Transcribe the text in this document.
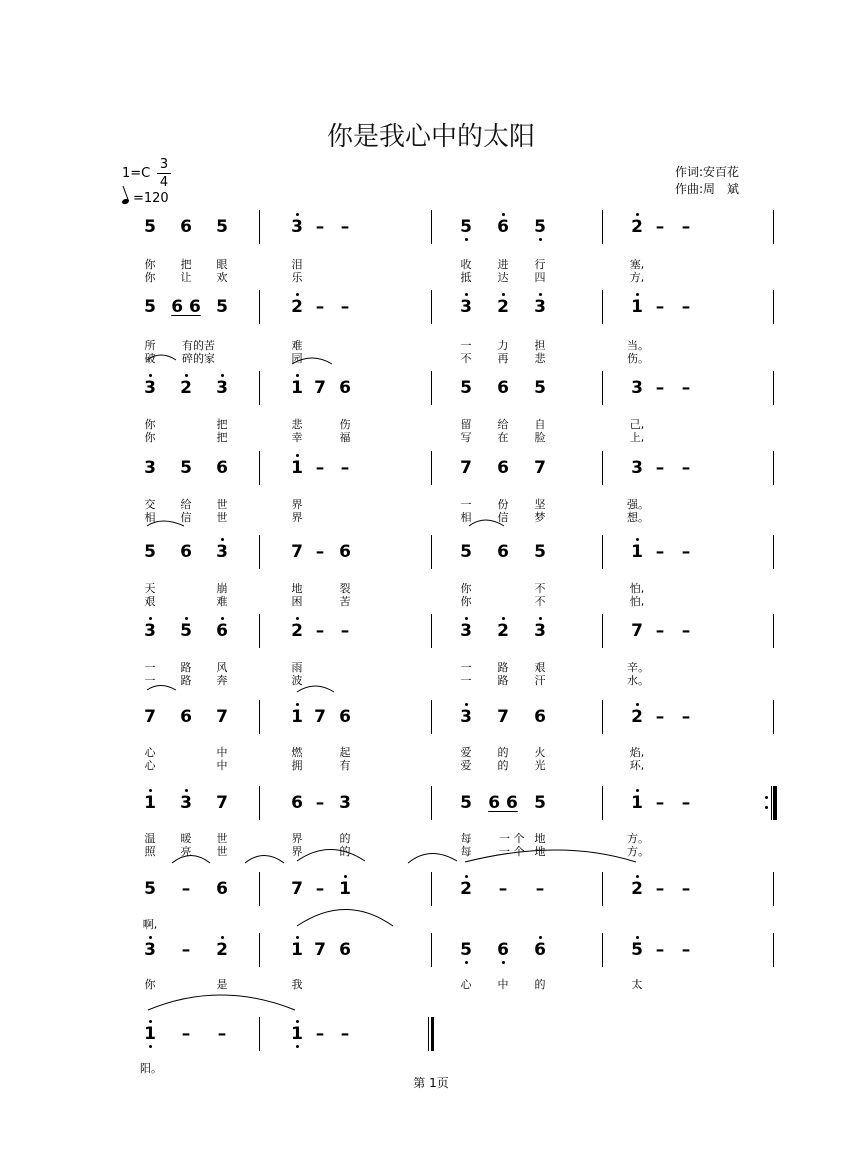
你是我心中的太阳
1=C
3
4
=120
作词:安百花
作曲:周　斌
5 6 5	3 – –	5 6 5	2 –	–
你	把	眼	泪	收	进	行	塞,
你	让	欢	乐	抵	达	四	方,
5 6 6 5	2 – –	3 2 3	1 –	–
所	有的苦	难	一	力	担	当。
破	碎的家	园	不	再	悲	伤。
3 2 3	1 7 6	5 6 5	3 –	–
你	把	悲	伤	留	给	自	己,
你	把	幸	福	写	在	脸	上,
3 5 6	1 – –	7 6 7	3 –	–
交	给	世	界	一	份	坚	强。
相	信	世	界	相	信	梦	想。
5 6 3	7 – 6	5 6 5	1 –	–
天	崩	地	裂	你	不	怕,
艰	难	困	苦	你	不	怕,
3 5 6	2 – –	3 2 3	7 –	–
一	路	风	雨	一	路	艰	辛。
一	路	奔	波	一	路	汗	水。
7 6 7	1 7 6	3 7 6	2 –	–
心	中	燃	起	爱	的	火	焰,
心	中	拥	有	爱	的	光	环,
1 3 7	6 – 3	5 6 6 5	1 –	–
温	暖	世	界	的	每	一 个 地	方。
照	亮	世	界	的	每	一 个 地	方。
5	–	6	7 – 1	2	–	–	2 –	–
啊,
3	–	2	1 7 6	5 6 6	5 –	–
你	是	我	心	中	的	太
1	–	–	1 – –
阳。
第 1页
